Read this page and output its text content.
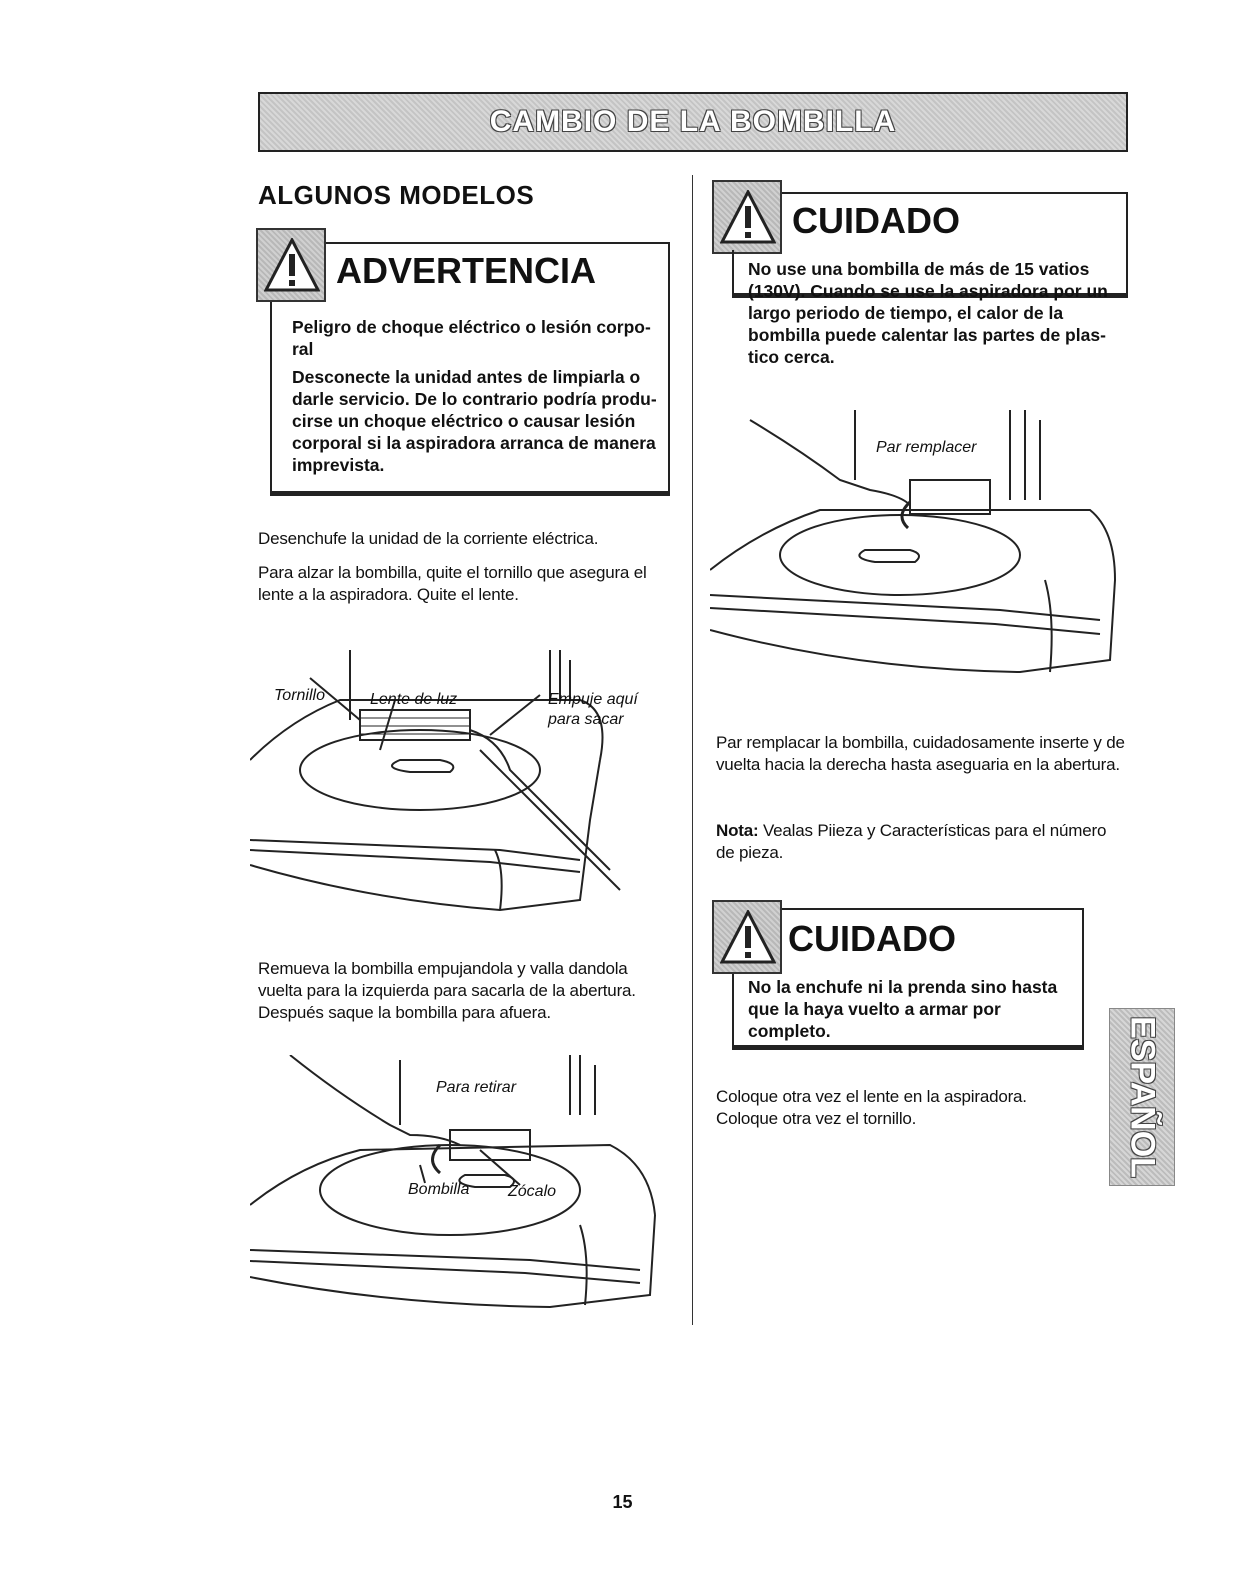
CAMBIO DE LA BOMBILLA
ALGUNOS MODELOS
ADVERTENCIA

Peligro de choque eléctrico o lesión corpo-ral

Desconecte la unidad antes de limpiarla o darle servicio. De lo contrario podría produ-cirse un choque eléctrico o causar lesión corporal si la aspiradora arranca de manera imprevista.

Desenchufe la unidad de la corriente eléctrica.
Para alzar la bombilla, quite el tornillo que asegura el lente a la aspiradora. Quite el lente.
Tornillo	Lente de luz	Empuje aquí
para sacar
Remueva la bombilla empujandola y valla dandola vuelta para la izquierda para sacarla de la abertura. Después saque la bombilla para afuera.
Para retirar
Bombilla Zócalo
CUIDADO
No use una bombilla de más de 15 vatios (130V). Cuando se use la aspiradora por un largo periodo de tiempo, el calor de la bombilla puede calentar las partes de plas-tico cerca.
Par remplacer
Par remplacar la bombilla, cuidadosamente inserte y de vuelta hacia la derecha hasta aseguaria en la abertura.
Nota: Vealas Piieza y Características para el número de pieza.
CUIDADO
No la enchufe ni la prenda sino hasta que la haya vuelto a armar por completo.
Coloque otra vez el lente en la aspiradora.
Coloque otra vez el tornillo.	ESPAÑOL
15
